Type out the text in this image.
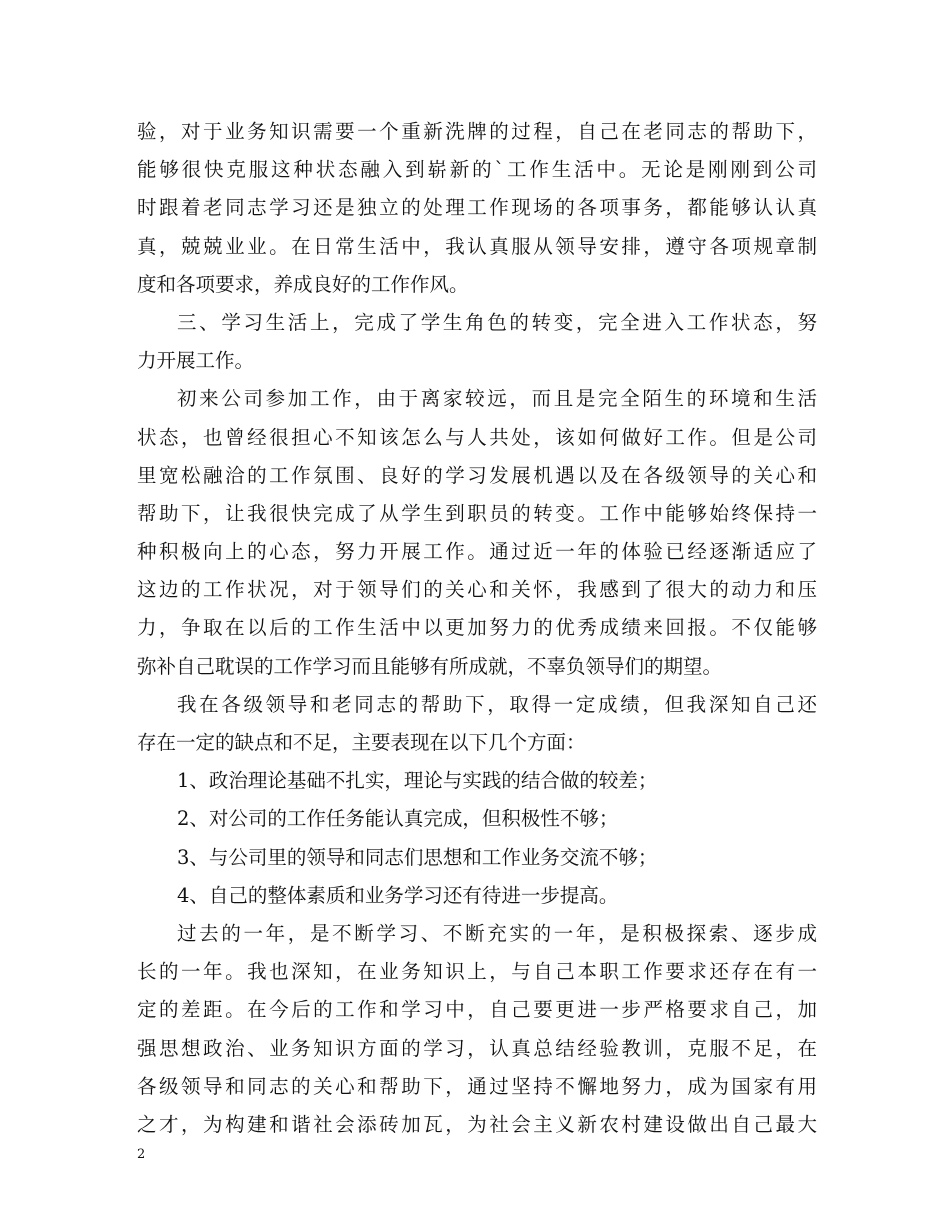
验，对于业务知识需要一个重新洗牌的过程，自己在老同志的帮助下，
能够很快克服这种状态融入到崭新的`工作生活中。无论是刚刚到公司
时跟着老同志学习还是独立的处理工作现场的各项事务，都能够认认真
真，兢兢业业。在日常生活中，我认真服从领导安排，遵守各项规章制
度和各项要求，养成良好的工作作风。
三、学习生活上，完成了学生角色的转变，完全进入工作状态，努
力开展工作。
初来公司参加工作，由于离家较远，而且是完全陌生的环境和生活
状态，也曾经很担心不知该怎么与人共处，该如何做好工作。但是公司
里宽松融洽的工作氛围、良好的学习发展机遇以及在各级领导的关心和
帮助下，让我很快完成了从学生到职员的转变。工作中能够始终保持一
种积极向上的心态，努力开展工作。通过近一年的体验已经逐渐适应了
这边的工作状况，对于领导们的关心和关怀，我感到了很大的动力和压
力，争取在以后的工作生活中以更加努力的优秀成绩来回报。不仅能够
弥补自己耽误的工作学习而且能够有所成就，不辜负领导们的期望。
我在各级领导和老同志的帮助下，取得一定成绩，但我深知自己还
存在一定的缺点和不足，主要表现在以下几个方面：
1、政治理论基础不扎实，理论与实践的结合做的较差；
2、对公司的工作任务能认真完成，但积极性不够；
3、与公司里的领导和同志们思想和工作业务交流不够；
4、自己的整体素质和业务学习还有待进一步提高。
过去的一年，是不断学习、不断充实的一年，是积极探索、逐步成
长的一年。我也深知，在业务知识上，与自己本职工作要求还存在有一
定的差距。在今后的工作和学习中，自己要更进一步严格要求自己，加
强思想政治、业务知识方面的学习，认真总结经验教训，克服不足，在
各级领导和同志的关心和帮助下，通过坚持不懈地努力，成为国家有用
之才，为构建和谐社会添砖加瓦，为社会主义新农村建设做出自己最大
2
